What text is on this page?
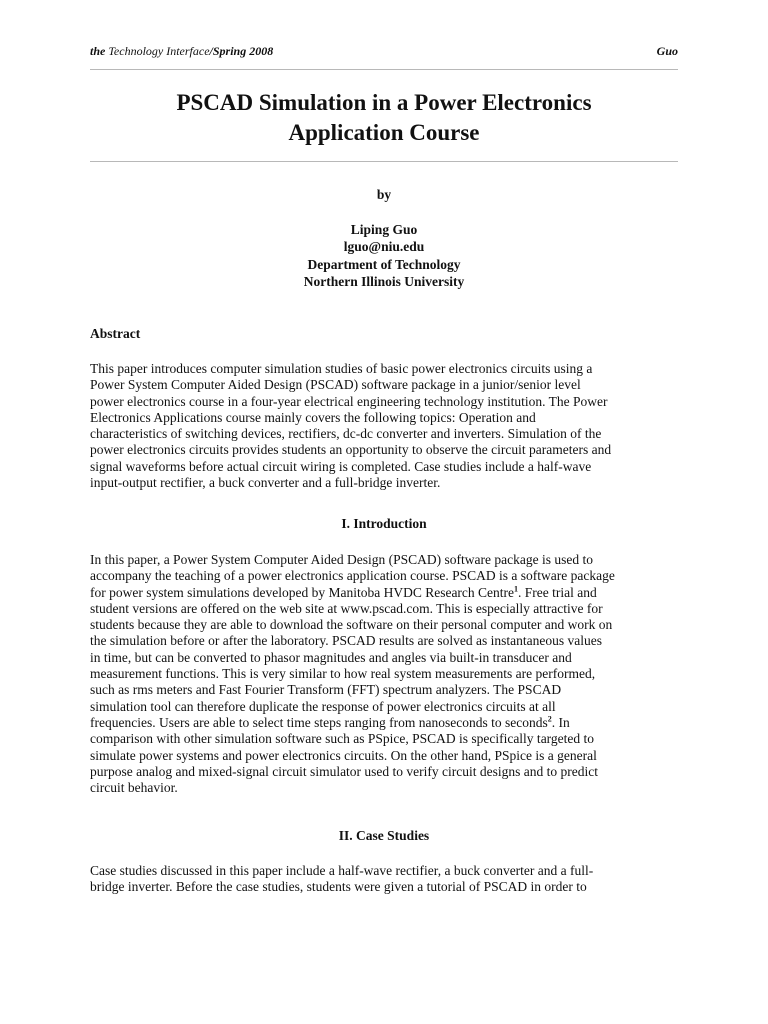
the Technology Interface/Spring 2008	Guo
PSCAD Simulation in a Power Electronics
Application Course
by
Liping Guo
lguo@niu.edu
Department of Technology
Northern Illinois University
Abstract

This paper introduces computer simulation studies of basic power electronics circuits using a
Power System Computer Aided Design (PSCAD) software package in a junior/senior level
power electronics course in a four-year electrical engineering technology institution. The Power
Electronics Applications course mainly covers the following topics: Operation and
characteristics of switching devices, rectifiers, dc-dc converter and inverters. Simulation of the
power electronics circuits provides students an opportunity to observe the circuit parameters and
signal waveforms before actual circuit wiring is completed. Case studies include a half-wave
input-output rectifier, a buck converter and a full-bridge inverter.

I. Introduction

In this paper, a Power System Computer Aided Design (PSCAD) software package is used to
accompany the teaching of a power electronics application course. PSCAD is a software package
for power system simulations developed by Manitoba HVDC Research Centre$^1$. Free trial and
student versions are offered on the web site at www.pscad.com. This is especially attractive for
students because they are able to download the software on their personal computer and work on
the simulation before or after the laboratory. PSCAD results are solved as instantaneous values
in time, but can be converted to phasor magnitudes and angles via built-in transducer and
measurement functions. This is very similar to how real system measurements are performed,
such as rms meters and Fast Fourier Transform (FFT) spectrum analyzers. The PSCAD
simulation tool can therefore duplicate the response of power electronics circuits at all
frequencies. Users are able to select time steps ranging from nanoseconds to seconds$^2$. In
comparison with other simulation software such as PSpice, PSCAD is specifically targeted to
simulate power systems and power electronics circuits. On the other hand, PSpice is a general
purpose analog and mixed-signal circuit simulator used to verify circuit designs and to predict
circuit behavior.

II. Case Studies

Case studies discussed in this paper include a half-wave rectifier, a buck converter and a full-
bridge inverter. Before the case studies, students were given a tutorial of PSCAD in order to
